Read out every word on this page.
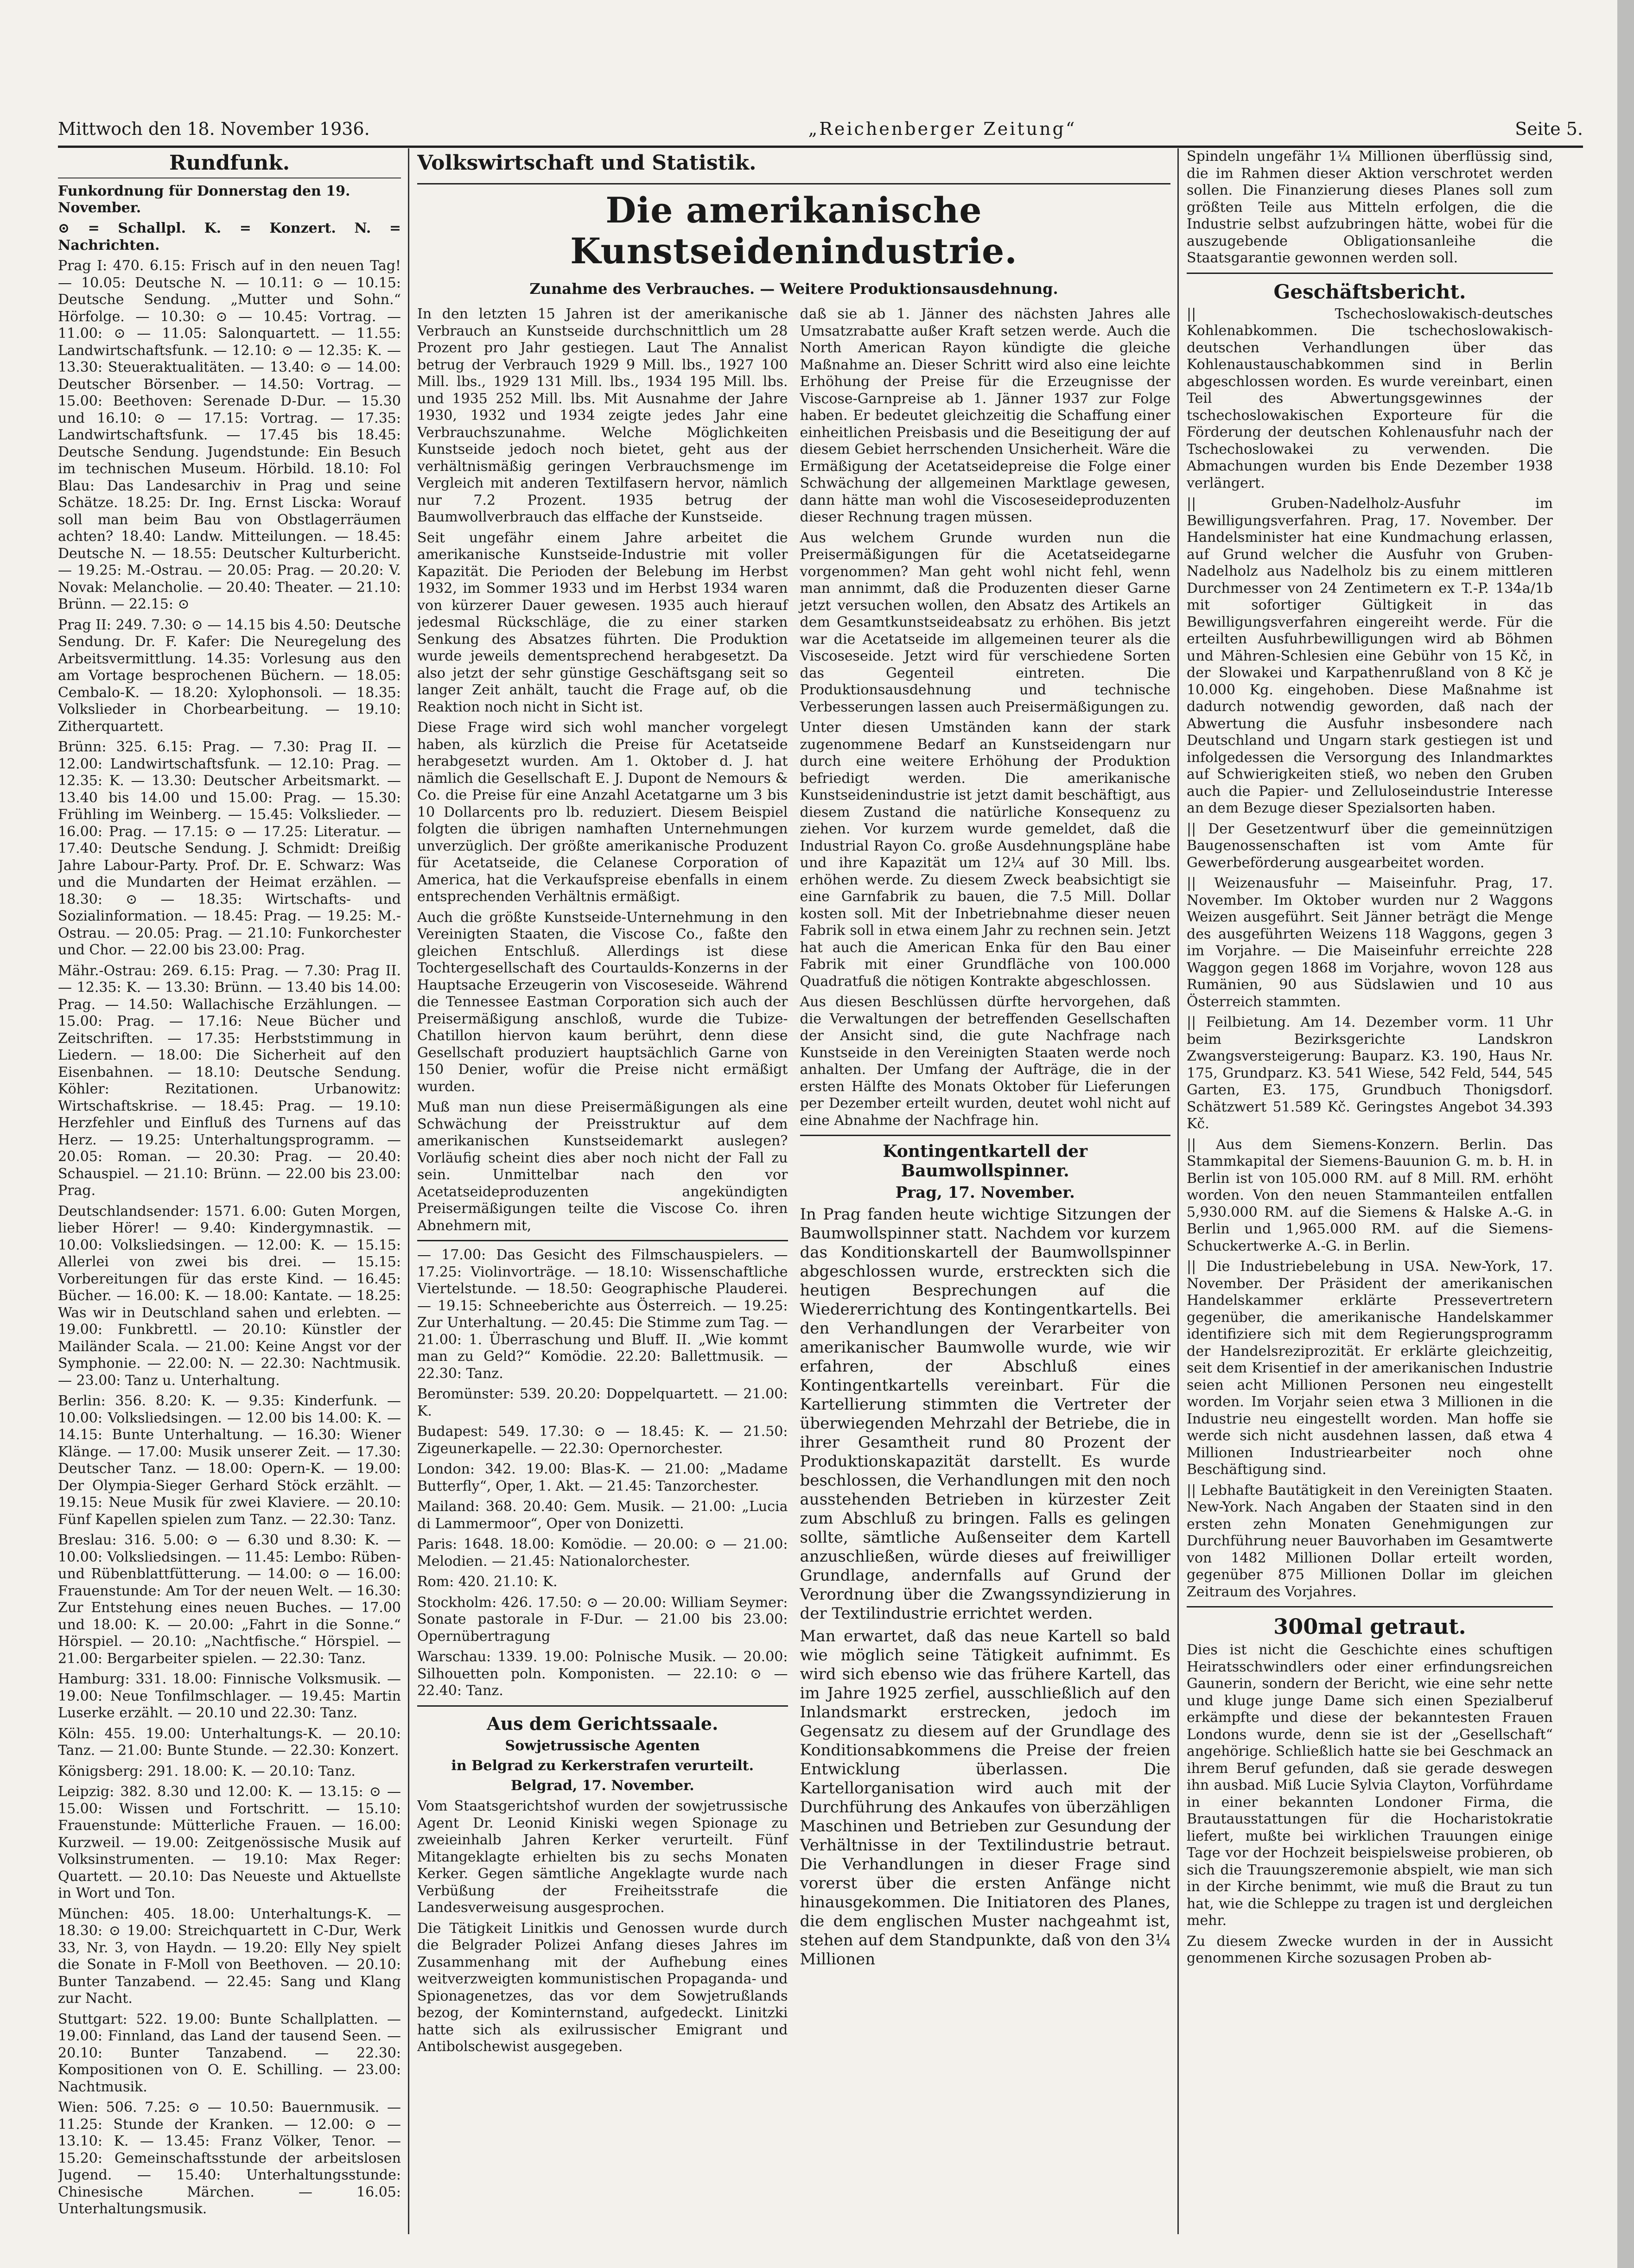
Mittwoch den 18. November 1936.	„Reichenberger Zeitung“	Seite 5.
Rundfunk.
Funkordnung für Donnerstag den 19. November.
⊙ = Schallpl. K. = Konzert. N. = Nachrichten.

Prag I: 470. 6.15: Frisch auf in den neuen Tag! — 10.05: Deutsche N. — 10.11: ⊙ — 10.15: Deutsche Sendung. „Mutter und Sohn.“ Hörfolge. — 10.30: ⊙ — 10.45: Vortrag. — 11.00: ⊙ — 11.05: Salonquartett. — 11.55: Landwirtschaftsfunk. — 12.10: ⊙ — 12.35: K. — 13.30: Steueraktualitäten. — 13.40: ⊙ — 14.00: Deutscher Börsenber. — 14.50: Vortrag. — 15.00: Beethoven: Serenade D-Dur. — 15.30 und 16.10: ⊙ — 17.15: Vortrag. — 17.35: Landwirtschaftsfunk. — 17.45 bis 18.45: Deutsche Sendung. Jugendstunde: Ein Besuch im technischen Museum. Hörbild. 18.10: Fol Blau: Das Landesarchiv in Prag und seine Schätze. 18.25: Dr. Ing. Ernst Liscka: Worauf soll man beim Bau von Obstlagerräumen achten? 18.40: Landw. Mitteilungen. — 18.45: Deutsche N. — 18.55: Deutscher Kulturbericht. — 19.25: M.-Ostrau. — 20.05: Prag. — 20.20: V. Novak: Melancholie. — 20.40: Theater. — 21.10: Brünn. — 22.15: ⊙

Prag II: 249. 7.30: ⊙ — 14.15 bis 4.50: Deutsche Sendung. Dr. F. Kafer: Die Neuregelung des Arbeitsvermittlung. 14.35: Vorlesung aus den am Vortage besprochenen Büchern. — 18.05: Cembalo-K. — 18.20: Xylophonsoli. — 18.35: Volkslieder in Chorbearbeitung. — 19.10: Zitherquartett.

Brünn: 325. 6.15: Prag. — 7.30: Prag II. — 12.00: Landwirtschaftsfunk. — 12.10: Prag. — 12.35: K. — 13.30: Deutscher Arbeitsmarkt. — 13.40 bis 14.00 und 15.00: Prag. — 15.30: Frühling im Weinberg. — 15.45: Volkslieder. — 16.00: Prag. — 17.15: ⊙ — 17.25: Literatur. — 17.40: Deutsche Sendung. J. Schmidt: Dreißig Jahre Labour-Party. Prof. Dr. E. Schwarz: Was und die Mundarten der Heimat erzählen. — 18.30: ⊙ — 18.35: Wirtschafts- und Sozialinformation. — 18.45: Prag. — 19.25: M.-Ostrau. — 20.05: Prag. — 21.10: Funkorchester und Chor. — 22.00 bis 23.00: Prag.

Mähr.-Ostrau: 269. 6.15: Prag. — 7.30: Prag II. — 12.35: K. — 13.30: Brünn. — 13.40 bis 14.00: Prag. — 14.50: Wallachische Erzählungen. — 15.00: Prag. — 17.16: Neue Bücher und Zeitschriften. — 17.35: Herbststimmung in Liedern. — 18.00: Die Sicherheit auf den Eisenbahnen. — 18.10: Deutsche Sendung. Köhler: Rezitationen. Urbanowitz: Wirtschaftskrise. — 18.45: Prag. — 19.10: Herzfehler und Einfluß des Turnens auf das Herz. — 19.25: Unterhaltungsprogramm. — 20.05: Roman. — 20.30: Prag. — 20.40: Schauspiel. — 21.10: Brünn. — 22.00 bis 23.00: Prag.

Deutschlandsender: 1571. 6.00: Guten Morgen, lieber Hörer! — 9.40: Kindergymnastik. — 10.00: Volksliedsingen. — 12.00: K. — 15.15: Allerlei von zwei bis drei. — 15.15: Vorbereitungen für das erste Kind. — 16.45: Bücher. — 16.00: K. — 18.00: Kantate. — 18.25: Was wir in Deutschland sahen und erlebten. — 19.00: Funkbrettl. — 20.10: Künstler der Mailänder Scala. — 21.00: Keine Angst vor der Symphonie. — 22.00: N. — 22.30: Nachtmusik. — 23.00: Tanz u. Unterhaltung.

Berlin: 356. 8.20: K. — 9.35: Kinderfunk. — 10.00: Volksliedsingen. — 12.00 bis 14.00: K. — 14.15: Bunte Unterhaltung. — 16.30: Wiener Klänge. — 17.00: Musik unserer Zeit. — 17.30: Deutscher Tanz. — 18.00: Opern-K. — 19.00: Der Olympia-Sieger Gerhard Stöck erzählt. — 19.15: Neue Musik für zwei Klaviere. — 20.10: Fünf Kapellen spielen zum Tanz. — 22.30: Tanz.

Breslau: 316. 5.00: ⊙ — 6.30 und 8.30: K. — 10.00: Volksliedsingen. — 11.45: Lembo: Rüben- und Rübenblattfütterung. — 14.00: ⊙ — 16.00: Frauenstunde: Am Tor der neuen Welt. — 16.30: Zur Entstehung eines neuen Buches. — 17.00 und 18.00: K. — 20.00: „Fahrt in die Sonne.“ Hörspiel. — 20.10: „Nachtfische.“ Hörspiel. — 21.00: Bergarbeiter spielen. — 22.30: Tanz.

Hamburg: 331. 18.00: Finnische Volksmusik. — 19.00: Neue Tonfilmschlager. — 19.45: Martin Luserke erzählt. — 20.10 und 22.30: Tanz.

Köln: 455. 19.00: Unterhaltungs-K. — 20.10: Tanz. — 21.00: Bunte Stunde. — 22.30: Konzert.

Königsberg: 291. 18.00: K. — 20.10: Tanz.

Leipzig: 382. 8.30 und 12.00: K. — 13.15: ⊙ — 15.00: Wissen und Fortschritt. — 15.10: Frauenstunde: Mütterliche Frauen. — 16.00: Kurzweil. — 19.00: Zeitgenössische Musik auf Volksinstrumenten. — 19.10: Max Reger: Quartett. — 20.10: Das Neueste und Aktuellste in Wort und Ton.

München: 405. 18.00: Unterhaltungs-K. — 18.30: ⊙ 19.00: Streichquartett in C-Dur, Werk 33, Nr. 3, von Haydn. — 19.20: Elly Ney spielt die Sonate in F-Moll von Beethoven. — 20.10: Bunter Tanzabend. — 22.45: Sang und Klang zur Nacht.

Stuttgart: 522. 19.00: Bunte Schallplatten. — 19.00: Finnland, das Land der tausend Seen. — 20.10: Bunter Tanzabend. — 22.30: Kompositionen von O. E. Schilling. — 23.00: Nachtmusik.

Wien: 506. 7.25: ⊙ — 10.50: Bauernmusik. — 11.25: Stunde der Kranken. — 12.00: ⊙ — 13.10: K. — 13.45: Franz Völker, Tenor. — 15.20: Gemeinschaftsstunde der arbeitslosen Jugend. — 15.40: Unterhaltungsstunde: Chinesische Märchen. — 16.05: Unterhaltungsmusik.

Volkswirtschaft und Statistik.
Die amerikanische Kunstseidenindustrie.
Zunahme des Verbrauches. — Weitere Produktionsausdehnung.

In den letzten 15 Jahren ist der amerikanische Verbrauch an Kunstseide durchschnittlich um 28 Prozent pro Jahr gestiegen. Laut The Annalist betrug der Verbrauch 1929 9 Mill. lbs., 1927 100 Mill. lbs., 1929 131 Mill. lbs., 1934 195 Mill. lbs. und 1935 252 Mill. lbs. Mit Ausnahme der Jahre 1930, 1932 und 1934 zeigte jedes Jahr eine Verbrauchszunahme. Welche Möglichkeiten Kunstseide jedoch noch bietet, geht aus der verhältnismäßig geringen Verbrauchsmenge im Vergleich mit anderen Textilfasern hervor, nämlich nur 7.2 Prozent. 1935 betrug der Baumwollverbrauch das elffache der Kunstseide.

Seit ungefähr einem Jahre arbeitet die amerikanische Kunstseide-Industrie mit voller Kapazität. Die Perioden der Belebung im Herbst 1932, im Sommer 1933 und im Herbst 1934 waren von kürzerer Dauer gewesen. 1935 auch hierauf jedesmal Rückschläge, die zu einer starken Senkung des Absatzes führten. Die Produktion wurde jeweils dementsprechend herabgesetzt. Da also jetzt der sehr günstige Geschäftsgang seit so langer Zeit anhält, taucht die Frage auf, ob die Reaktion noch nicht in Sicht ist.

Diese Frage wird sich wohl mancher vorgelegt haben, als kürzlich die Preise für Acetatseide herabgesetzt wurden. Am 1. Oktober d. J. hat nämlich die Gesellschaft E. J. Dupont de Nemours & Co. die Preise für eine Anzahl Acetatgarne um 3 bis 10 Dollarcents pro lb. reduziert. Diesem Beispiel folgten die übrigen namhaften Unternehmungen unverzüglich. Der größte amerikanische Produzent für Acetatseide, die Celanese Corporation of America, hat die Verkaufspreise ebenfalls in einem entsprechenden Verhältnis ermäßigt.

Auch die größte Kunstseide-Unternehmung in den Vereinigten Staaten, die Viscose Co., faßte den gleichen Entschluß. Allerdings ist diese Tochtergesellschaft des Courtaulds-Konzerns in der Hauptsache Erzeugerin von Viscoseseide. Während die Tennessee Eastman Corporation sich auch der Preisermäßigung anschloß, wurde die Tubize-Chatillon hiervon kaum berührt, denn diese Gesellschaft produziert hauptsächlich Garne von 150 Denier, wofür die Preise nicht ermäßigt wurden.

Muß man nun diese Preisermäßigungen als eine Schwächung der Preisstruktur auf dem amerikanischen Kunstseidemarkt auslegen? Vorläufig scheint dies aber noch nicht der Fall zu sein. Unmittelbar nach den vor Acetatseideproduzenten angekündigten Preisermäßigungen teilte die Viscose Co. ihren Abnehmern mit,

— 17.00: Das Gesicht des Filmschauspielers. — 17.25: Violinvorträge. — 18.10: Wissenschaftliche Viertelstunde. — 18.50: Geographische Plauderei. — 19.15: Schneeberichte aus Österreich. — 19.25: Zur Unterhaltung. — 20.45: Die Stimme zum Tag. — 21.00: 1. Überraschung und Bluff. II. „Wie kommt man zu Geld?“ Komödie. 22.20: Ballettmusik. — 22.30: Tanz.

Beromünster: 539. 20.20: Doppelquartett. — 21.00: K.

Budapest: 549. 17.30: ⊙ — 18.45: K. — 21.50: Zigeunerkapelle. — 22.30: Opernorchester.

London: 342. 19.00: Blas-K. — 21.00: „Madame Butterfly“, Oper, 1. Akt. — 21.45: Tanzorchester.

Mailand: 368. 20.40: Gem. Musik. — 21.00: „Lucia di Lammermoor“, Oper von Donizetti.

Paris: 1648. 18.00: Komödie. — 20.00: ⊙ — 21.00: Melodien. — 21.45: Nationalorchester.

Rom: 420. 21.10: K.

Stockholm: 426. 17.50: ⊙ — 20.00: William Seymer: Sonate pastorale in F-Dur. — 21.00 bis 23.00: Opernübertragung

Warschau: 1339. 19.00: Polnische Musik. — 20.00: Silhouetten poln. Komponisten. — 22.10: ⊙ — 22.40: Tanz.

Aus dem Gerichtssaale.
Sowjetrussische Agenten
in Belgrad zu Kerkerstrafen verurteilt.
Belgrad, 17. November.

Vom Staatsgerichtshof wurden der sowjetrussische Agent Dr. Leonid Kiniski wegen Spionage zu zweieinhalb Jahren Kerker verurteilt. Fünf Mitangeklagte erhielten bis zu sechs Monaten Kerker. Gegen sämtliche Angeklagte wurde nach Verbüßung der Freiheitsstrafe die Landesverweisung ausgesprochen.

Die Tätigkeit Linitkis und Genossen wurde durch die Belgrader Polizei Anfang dieses Jahres im Zusammenhang mit der Aufhebung eines weitverzweigten kommunistischen Propaganda- und Spionagenetzes, das vor dem Sowjetrußlands bezog, der Kominternstand, aufgedeckt. Linitzki hatte sich als exilrussischer Emigrant und Antibolschewist ausgegeben.

daß sie ab 1. Jänner des nächsten Jahres alle Umsatzrabatte außer Kraft setzen werde. Auch die North American Rayon kündigte die gleiche Maßnahme an. Dieser Schritt wird also eine leichte Erhöhung der Preise für die Erzeugnisse der Viscose-Garnpreise ab 1. Jänner 1937 zur Folge haben. Er bedeutet gleichzeitig die Schaffung einer einheitlichen Preisbasis und die Beseitigung der auf diesem Gebiet herrschenden Unsicherheit. Wäre die Ermäßigung der Acetatseidepreise die Folge einer Schwächung der allgemeinen Marktlage gewesen, dann hätte man wohl die Viscoseseideproduzenten dieser Rechnung tragen müssen.

Aus welchem Grunde wurden nun die Preisermäßigungen für die Acetatseidegarne vorgenommen? Man geht wohl nicht fehl, wenn man annimmt, daß die Produzenten dieser Garne jetzt versuchen wollen, den Absatz des Artikels an dem Gesamtkunstseideabsatz zu erhöhen. Bis jetzt war die Acetatseide im allgemeinen teurer als die Viscoseseide. Jetzt wird für verschiedene Sorten das Gegenteil eintreten. Die Produktionsausdehnung und technische Verbesserungen lassen auch Preisermäßigungen zu.

Unter diesen Umständen kann der stark zugenommene Bedarf an Kunstseidengarn nur durch eine weitere Erhöhung der Produktion befriedigt werden. Die amerikanische Kunstseidenindustrie ist jetzt damit beschäftigt, aus diesem Zustand die natürliche Konsequenz zu ziehen. Vor kurzem wurde gemeldet, daß die Industrial Rayon Co. große Ausdehnungspläne habe und ihre Kapazität um 12¼ auf 30 Mill. lbs. erhöhen werde. Zu diesem Zweck beabsichtigt sie eine Garnfabrik zu bauen, die 7.5 Mill. Dollar kosten soll. Mit der Inbetriebnahme dieser neuen Fabrik soll in etwa einem Jahr zu rechnen sein. Jetzt hat auch die American Enka für den Bau einer Fabrik mit einer Grundfläche von 100.000 Quadratfuß die nötigen Kontrakte abgeschlossen.

Aus diesen Beschlüssen dürfte hervorgehen, daß die Verwaltungen der betreffenden Gesellschaften der Ansicht sind, die gute Nachfrage nach Kunstseide in den Vereinigten Staaten werde noch anhalten. Der Umfang der Aufträge, die in der ersten Hälfte des Monats Oktober für Lieferungen per Dezember erteilt wurden, deutet wohl nicht auf eine Abnahme der Nachfrage hin.

Kontingentkartell der Baumwollspinner.
Prag, 17. November.

In Prag fanden heute wichtige Sitzungen der Baumwollspinner statt. Nachdem vor kurzem das Konditionskartell der Baumwollspinner abgeschlossen wurde, erstreckten sich die heutigen Besprechungen auf die Wiedererrichtung des Kontingentkartells. Bei den Verhandlungen der Verarbeiter von amerikanischer Baumwolle wurde, wie wir erfahren, der Abschluß eines Kontingentkartells vereinbart. Für die Kartellierung stimmten die Vertreter der überwiegenden Mehrzahl der Betriebe, die in ihrer Gesamtheit rund 80 Prozent der Produktionskapazität darstellt. Es wurde beschlossen, die Verhandlungen mit den noch ausstehenden Betrieben in kürzester Zeit zum Abschluß zu bringen. Falls es gelingen sollte, sämtliche Außenseiter dem Kartell anzuschließen, würde dieses auf freiwilliger Grundlage, andernfalls auf Grund der Verordnung über die Zwangssyndizierung in der Textilindustrie errichtet werden.

Man erwartet, daß das neue Kartell so bald wie möglich seine Tätigkeit aufnimmt. Es wird sich ebenso wie das frühere Kartell, das im Jahre 1925 zerfiel, ausschließlich auf den Inlandsmarkt erstrecken, jedoch im Gegensatz zu diesem auf der Grundlage des Konditionsabkommens die Preise der freien Entwicklung überlassen. Die Kartellorganisation wird auch mit der Durchführung des Ankaufes von überzähligen Maschinen und Betrieben zur Gesundung der Verhältnisse in der Textilindustrie betraut. Die Verhandlungen in dieser Frage sind vorerst über die ersten Anfänge nicht hinausgekommen. Die Initiatoren des Planes, die dem englischen Muster nachgeahmt ist, stehen auf dem Standpunkte, daß von den 3¼ Millionen

Spindeln ungefähr 1¼ Millionen überflüssig sind, die im Rahmen dieser Aktion verschrotet werden sollen. Die Finanzierung dieses Planes soll zum größten Teile aus Mitteln erfolgen, die die Industrie selbst aufzubringen hätte, wobei für die auszugebende Obligationsanleihe die Staatsgarantie gewonnen werden soll.

Geschäftsbericht.

|| Tschechoslowakisch-deutsches Kohlenabkommen. Die tschechoslowakisch-deutschen Verhandlungen über das Kohlenaustauschabkommen sind in Berlin abgeschlossen worden. Es wurde vereinbart, einen Teil des Abwertungsgewinnes der tschechoslowakischen Exporteure für die Förderung der deutschen Kohlenausfuhr nach der Tschechoslowakei zu verwenden. Die Abmachungen wurden bis Ende Dezember 1938 verlängert.

|| Gruben-Nadelholz-Ausfuhr im Bewilligungsverfahren. Prag, 17. November. Der Handelsminister hat eine Kundmachung erlassen, auf Grund welcher die Ausfuhr von Gruben-Nadelholz aus Nadelholz bis zu einem mittleren Durchmesser von 24 Zentimetern ex T.-P. 134a/1b mit sofortiger Gültigkeit in das Bewilligungsverfahren eingereiht werde. Für die erteilten Ausfuhrbewilligungen wird ab Böhmen und Mähren-Schlesien eine Gebühr von 15 Kč, in der Slowakei und Karpathenrußland von 8 Kč je 10.000 Kg. eingehoben. Diese Maßnahme ist dadurch notwendig geworden, daß nach der Abwertung die Ausfuhr insbesondere nach Deutschland und Ungarn stark gestiegen ist und infolgedessen die Versorgung des Inlandmarktes auf Schwierigkeiten stieß, wo neben den Gruben auch die Papier- und Zelluloseindustrie Interesse an dem Bezuge dieser Spezialsorten haben.

|| Der Gesetzentwurf über die gemeinnützigen Baugenossenschaften ist vom Amte für Gewerbeförderung ausgearbeitet worden.

|| Weizenausfuhr — Maiseinfuhr. Prag, 17. November. Im Oktober wurden nur 2 Waggons Weizen ausgeführt. Seit Jänner beträgt die Menge des ausgeführten Weizens 118 Waggons, gegen 3 im Vorjahre. — Die Maiseinfuhr erreichte 228 Waggon gegen 1868 im Vorjahre, wovon 128 aus Rumänien, 90 aus Südslawien und 10 aus Österreich stammten.

|| Feilbietung. Am 14. Dezember vorm. 11 Uhr beim Bezirksgerichte Landskron Zwangsversteigerung: Bauparz. K3. 190, Haus Nr. 175, Grundparz. K3. 541 Wiese, 542 Feld, 544, 545 Garten, E3. 175, Grundbuch Thonigsdorf. Schätzwert 51.589 Kč. Geringstes Angebot 34.393 Kč.

|| Aus dem Siemens-Konzern. Berlin. Das Stammkapital der Siemens-Bauunion G. m. b. H. in Berlin ist von 105.000 RM. auf 8 Mill. RM. erhöht worden. Von den neuen Stammanteilen entfallen 5,930.000 RM. auf die Siemens & Halske A.-G. in Berlin und 1,965.000 RM. auf die Siemens-Schuckertwerke A.-G. in Berlin.

|| Die Industriebelebung in USA. New-York, 17. November. Der Präsident der amerikanischen Handelskammer erklärte Pressevertretern gegenüber, die amerikanische Handelskammer identifiziere sich mit dem Regierungsprogramm der Handelsreziprozität. Er erklärte gleichzeitig, seit dem Krisentief in der amerikanischen Industrie seien acht Millionen Personen neu eingestellt worden. Im Vorjahr seien etwa 3 Millionen in die Industrie neu eingestellt worden. Man hoffe sie werde sich nicht ausdehnen lassen, daß etwa 4 Millionen Industriearbeiter noch ohne Beschäftigung sind.

|| Lebhafte Bautätigkeit in den Vereinigten Staaten. New-York. Nach Angaben der Staaten sind in den ersten zehn Monaten Genehmigungen zur Durchführung neuer Bauvorhaben im Gesamtwerte von 1482 Millionen Dollar erteilt worden, gegenüber 875 Millionen Dollar im gleichen Zeitraum des Vorjahres.

300mal getraut.

Dies ist nicht die Geschichte eines schuftigen Heiratsschwindlers oder einer erfindungsreichen Gaunerin, sondern der Bericht, wie eine sehr nette und kluge junge Dame sich einen Spezialberuf erkämpfte und diese der bekanntesten Frauen Londons wurde, denn sie ist der „Gesellschaft“ angehörige. Schließlich hatte sie bei Geschmack an ihrem Beruf gefunden, daß sie gerade deswegen ihn ausbad. Miß Lucie Sylvia Clayton, Vorführdame in einer bekannten Londoner Firma, die Brautausstattungen für die Hocharistokratie liefert, mußte bei wirklichen Trauungen einige Tage vor der Hochzeit beispielsweise probieren, ob sich die Trauungszeremonie abspielt, wie man sich in der Kirche benimmt, wie muß die Braut zu tun hat, wie die Schleppe zu tragen ist und dergleichen mehr.

Zu diesem Zwecke wurden in der in Aussicht genommenen Kirche sozusagen Proben ab-
